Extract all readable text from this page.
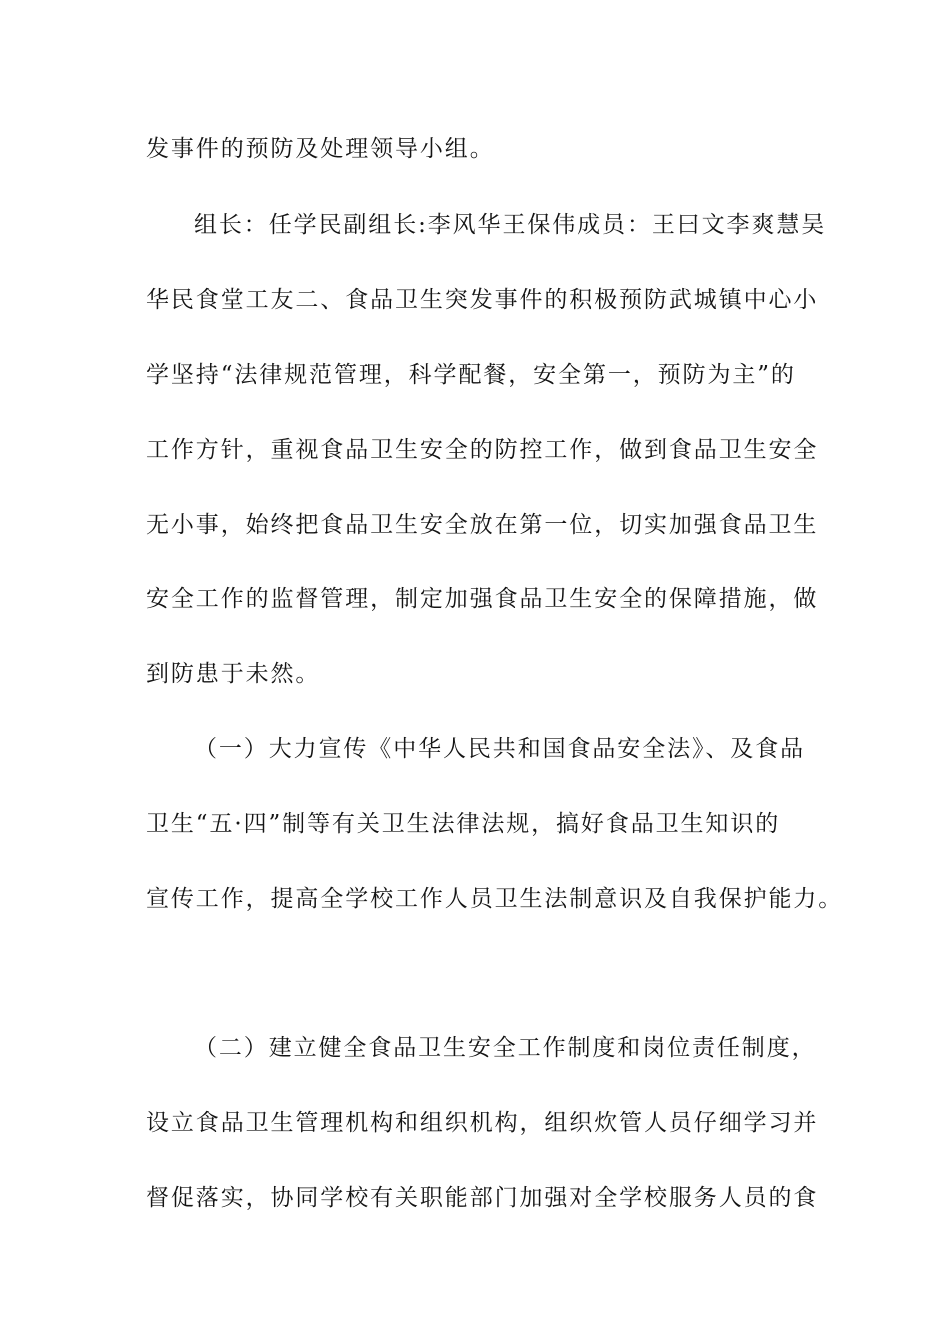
发事件的预防及处理领导小组。
组长：任学民副组长:李风华王保伟成员：王曰文李爽慧吴
华民食堂工友二、食品卫生突发事件的积极预防武城镇中心小
学坚持“法律规范管理，科学配餐，安全第一，预防为主”的
工作方针，重视食品卫生安全的防控工作，做到食品卫生安全
无小事，始终把食品卫生安全放在第一位，切实加强食品卫生
安全工作的监督管理，制定加强食品卫生安全的保障措施，做
到防患于未然。
（一）大力宣传《中华人民共和国食品安全法》、及食品
卫生“五·四”制等有关卫生法律法规，搞好食品卫生知识的
宣传工作，提高全学校工作人员卫生法制意识及自我保护能力。
（二）建立健全食品卫生安全工作制度和岗位责任制度，
设立食品卫生管理机构和组织机构，组织炊管人员仔细学习并
督促落实，协同学校有关职能部门加强对全学校服务人员的食
